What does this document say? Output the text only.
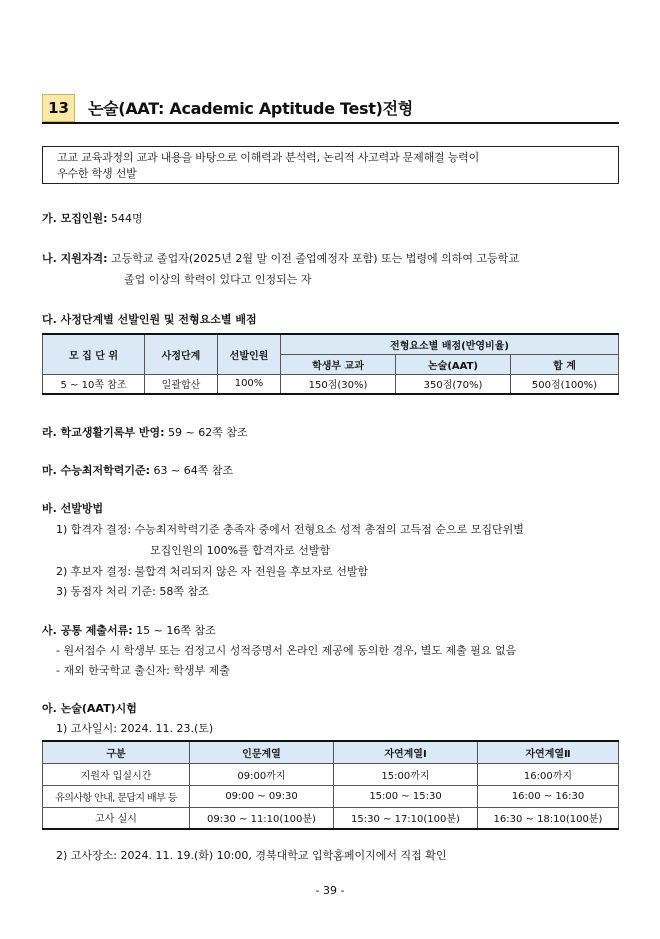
13	논술(AAT: Academic Aptitude Test)전형
고교 교육과정의 교과 내용을 바탕으로 이해력과 분석력, 논리적 사고력과 문제해결 능력이
우수한 학생 선발
가. 모집인원: 544명
나. 지원자격: 고등학교 졸업자(2025년 2월 말 이전 졸업예정자 포함) 또는 법령에 의하여 고등학교
졸업 이상의 학력이 있다고 인정되는 자
다. 사정단계별 선발인원 및 전형요소별 배점
모 집 단 위	사정단계	선발인원	전형요소별 배점(반영비율)		
			학생부 교과	논술(AAT)	합 계
5 ~ 10쪽 참조	일괄합산	100%	150점(30%)	350점(70%)	500점(100%)
라. 학교생활기록부 반영: 59 ~ 62쪽 참조
마. 수능최저학력기준: 63 ~ 64쪽 참조
바. 선발방법
1) 합격자 결정: 수능최저학력기준 충족자 중에서 전형요소 성적 총점의 고득점 순으로 모집단위별
모집인원의 100%를 합격자로 선발함
2) 후보자 결정: 불합격 처리되지 않은 자 전원을 후보자로 선발함
3) 동점자 처리 기준: 58쪽 참조
사. 공통 제출서류: 15 ~ 16쪽 참조
- 원서접수 시 학생부 또는 검정고시 성적증명서 온라인 제공에 동의한 경우, 별도 제출 필요 없음
- 재외 한국학교 출신자: 학생부 제출
아. 논술(AAT)시험
1) 고사일시: 2024. 11. 23.(토)
구분	인문계열	자연계열Ⅰ	자연계열Ⅱ
지원자 입실시간	09:00까지	15:00까지	16:00까지
유의사항 안내, 문답지 배부 등	09:00 ~ 09:30	15:00 ~ 15:30	16:00 ~ 16:30
고사 실시	09:30 ~ 11:10(100분)	15:30 ~ 17:10(100분)	16:30 ~ 18:10(100분)
2) 고사장소: 2024. 11. 19.(화) 10:00, 경북대학교 입학홈페이지에서 직접 확인
- 39 -
